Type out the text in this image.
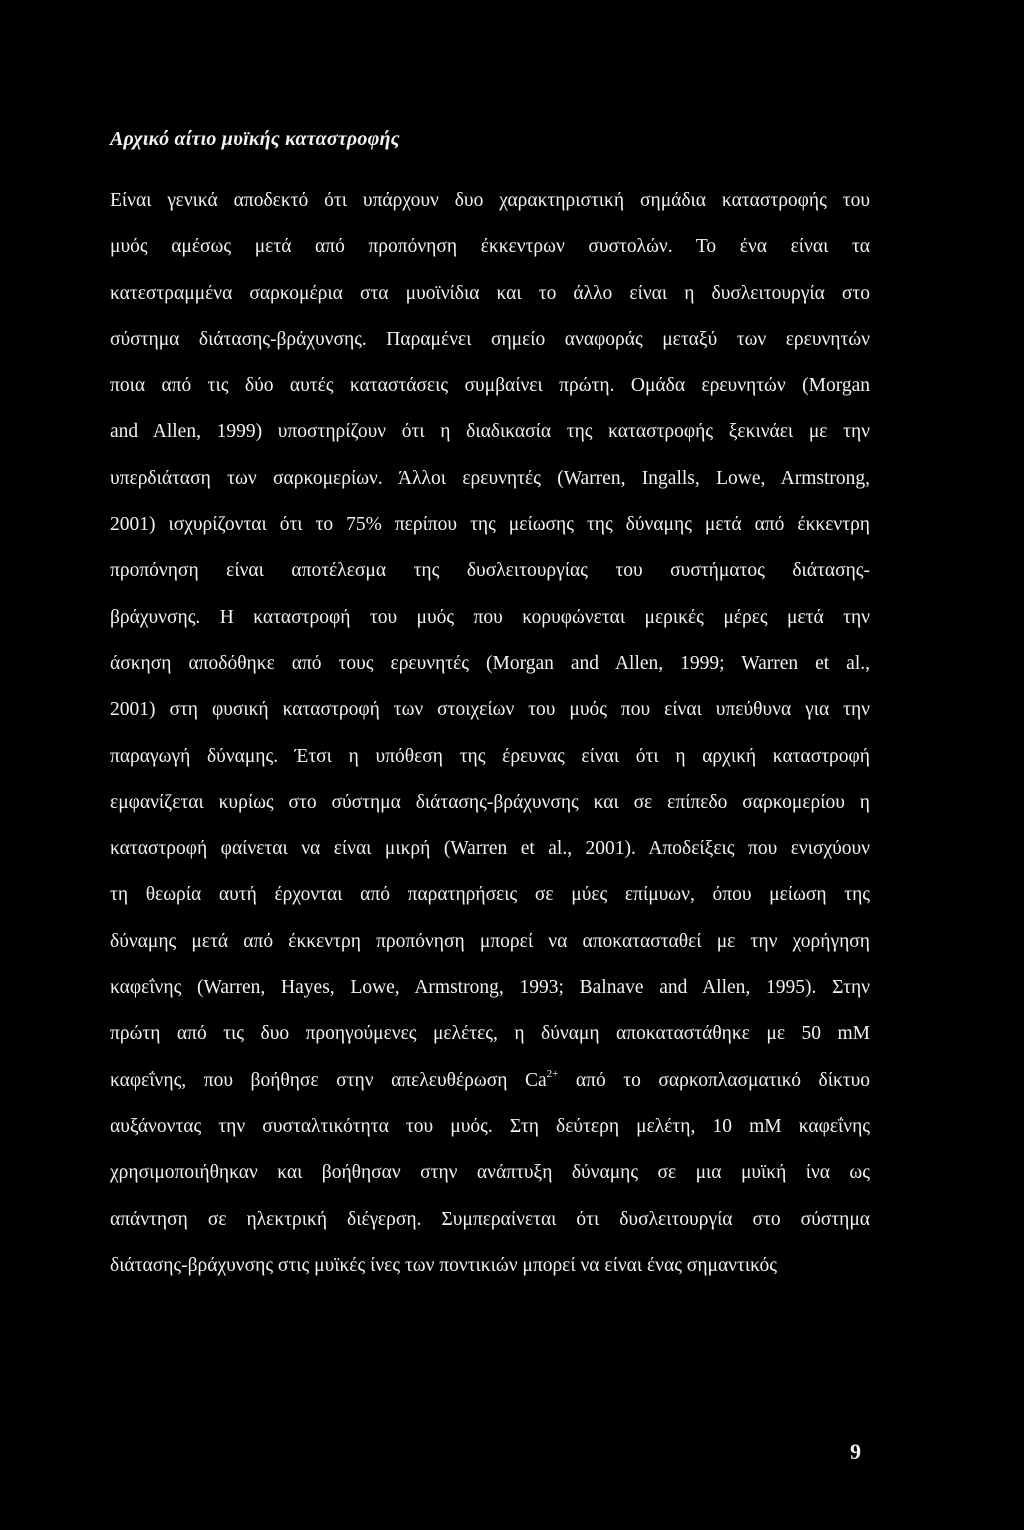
Αρχικό αίτιο μυϊκής καταστροφής
Είναι γενικά αποδεκτό ότι υπάρχουν δυο χαρακτηριστική σημάδια καταστροφής του
μυός αμέσως μετά από προπόνηση έκκεντρων συστολών. Το ένα είναι τα
κατεστραμμένα σαρκομέρια στα μυοϊνίδια και το άλλο είναι η δυσλειτουργία στο
σύστημα διάτασης-βράχυνσης. Παραμένει σημείο αναφοράς μεταξύ των ερευνητών
ποια από τις δύο αυτές καταστάσεις συμβαίνει πρώτη. Ομάδα ερευνητών (Morgan
and Allen, 1999) υποστηρίζουν ότι η διαδικασία της καταστροφής ξεκινάει με την
υπερδιάταση των σαρκομερίων. Άλλοι ερευνητές (Warren, Ingalls, Lowe, Armstrong,
2001) ισχυρίζονται ότι το 75% περίπου της μείωσης της δύναμης μετά από έκκεντρη
προπόνηση είναι αποτέλεσμα της δυσλειτουργίας του συστήματος διάτασης-
βράχυνσης. Η καταστροφή του μυός που κορυφώνεται μερικές μέρες μετά την
άσκηση αποδόθηκε από τους ερευνητές (Morgan and Allen, 1999; Warren et al.,
2001) στη φυσική καταστροφή των στοιχείων του μυός που είναι υπεύθυνα για την
παραγωγή δύναμης. Έτσι η υπόθεση της έρευνας είναι ότι η αρχική καταστροφή
εμφανίζεται κυρίως στο σύστημα διάτασης-βράχυνσης και σε επίπεδο σαρκομερίου η
καταστροφή φαίνεται να είναι μικρή (Warren et al., 2001). Αποδείξεις που ενισχύουν
τη θεωρία αυτή έρχονται από παρατηρήσεις σε μύες επίμυων, όπου μείωση της
δύναμης μετά από έκκεντρη προπόνηση μπορεί να αποκατασταθεί με την χορήγηση
καφεΐνης (Warren, Hayes, Lowe, Armstrong, 1993; Balnave and Allen, 1995). Στην
πρώτη από τις δυο προηγούμενες μελέτες, η δύναμη αποκαταστάθηκε με 50 mM
καφεΐνης, που βοήθησε στην απελευθέρωση $Ca^{2+}$ από το σαρκοπλασματικό δίκτυο
αυξάνοντας την συσταλτικότητα του μυός. Στη δεύτερη μελέτη, 10 mM καφεΐνης
χρησιμοποιήθηκαν και βοήθησαν στην ανάπτυξη δύναμης σε μια μυϊκή ίνα ως
απάντηση σε ηλεκτρική διέγερση. Συμπεραίνεται ότι δυσλειτουργία στο σύστημα
διάτασης-βράχυνσης στις μυϊκές ίνες των ποντικιών μπορεί να είναι ένας σημαντικός
9
